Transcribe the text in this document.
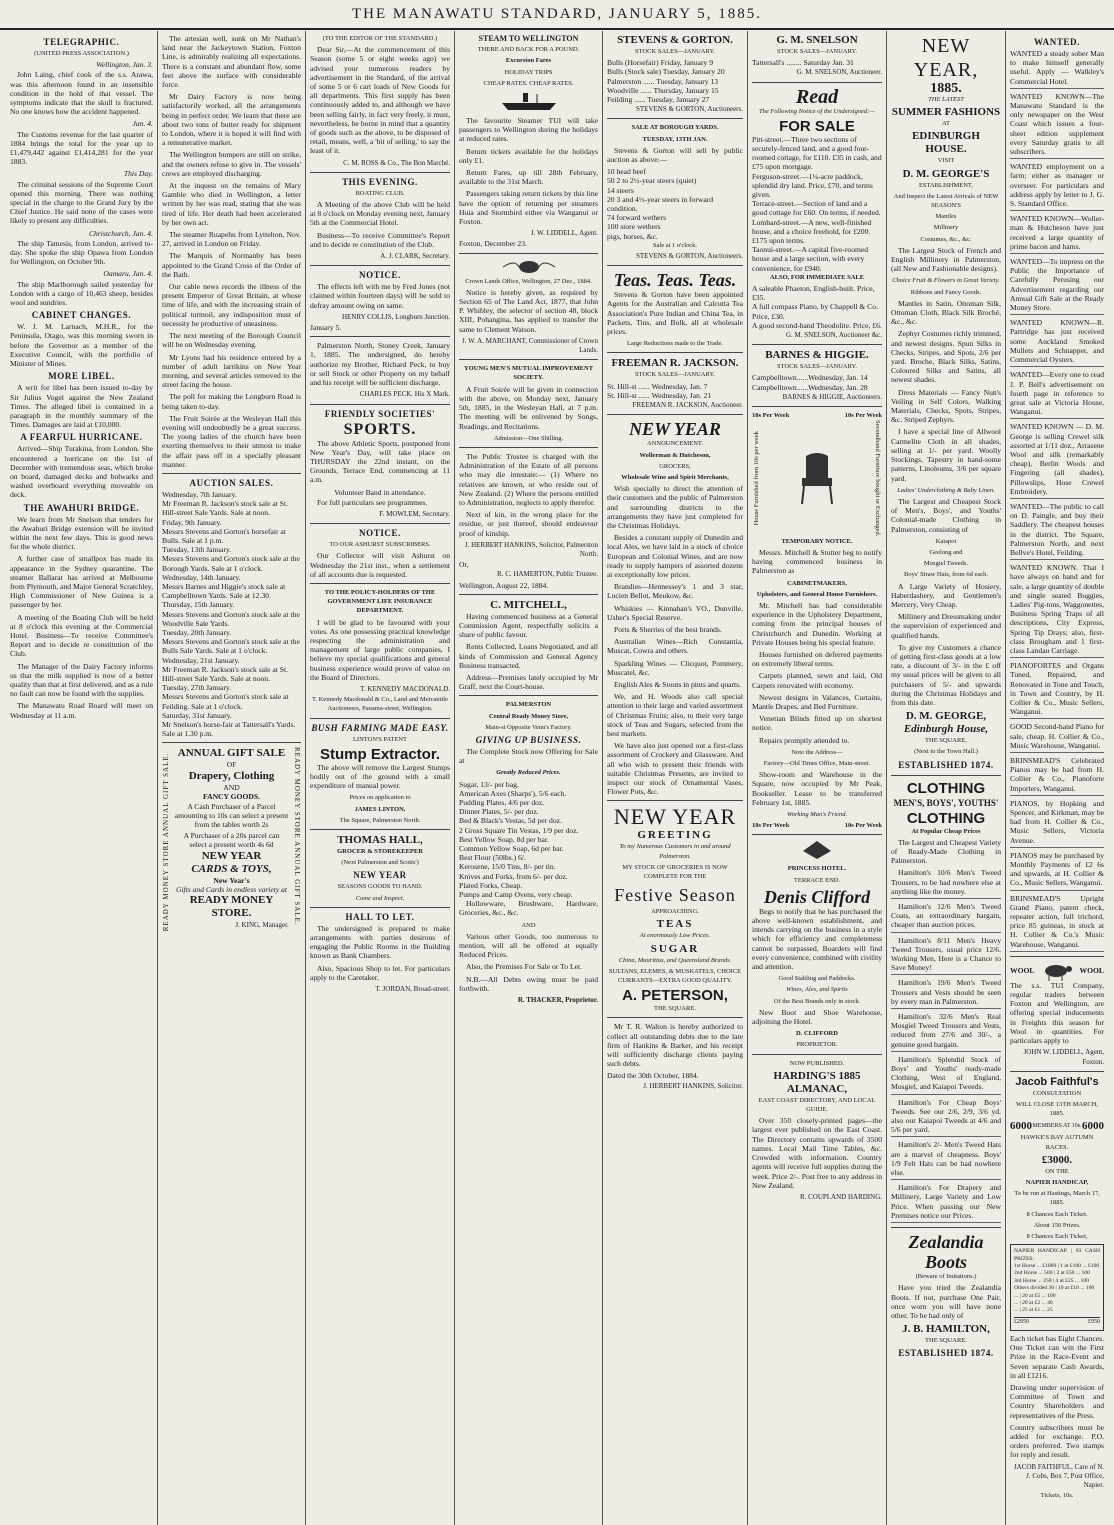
THE MANAWATU STANDARD, JANUARY 5, 1885.
TELEGRAPHIC.
(UNITED PRESS ASSOCIATION.)
Wellington, Jan. 3.

John Laing, chief cook of the s.s. Arawa, was this afternoon found in an insensible condition in the hold of that vessel. The symptoms indicate that the skull is fractured. No one knows how the accident happened.

Jan. 4.

The Customs revenue for the last quarter of 1884 brings the total for the year up to £1,479,442 against £1,414,281 for the year 1883.

This Day.

The criminal sessions of the Supreme Court opened this morning. There was nothing special in the charge to the Grand Jury by the Chief Justice. He said none of the cases were likely to present any difficulties.

Christchurch, Jan. 4.

The ship Tamesis, from London, arrived to-day. She spoke the ship Opawa from London for Wellington, on October 9th.

Oamaru, Jan. 4.

The ship Marlborough sailed yesterday for London with a cargo of 10,463 sheep, besides wool and sundries.

CABINET CHANGES.

W. J. M. Larnach, M.H.R., for the Peninsula, Otago, was this morning sworn in before the Governor as a member of the Executive Council, with the portfolio of Minister of Mines.

MORE LIBEL.

A writ for libel has been issued to-day by Sir Julius Vogel against the New Zealand Times. The alleged libel is contained in a paragraph in the monthly summary of the Times. Damages are laid at £10,000.

A FEARFUL HURRICANE.

Arrived—Ship Turakina, from London. She encountered a hurricane on the 1st of December with tremendous seas, which broke on board, damaged decks and bulwarks and washed overboard everything moveable on deck.

THE AWAHURI BRIDGE.

We learn from Mr Snelson that tenders for the Awahuri Bridge extension will be invited within the next few days. This is good news for the whole district.

A further case of smallpox has made its appearance in the Sydney quarantine. The steamer Ballarat has arrived at Melbourne from Plymouth, and Major General Scratchley, High Commissioner of New Guinea is a passenger by her.

A meeting of the Boating Club will be held at 8 o'clock this evening at the Commercial Hotel. Business—To receive Committee's Report and to decide re constitution of the Club.

The Manager of the Dairy Factory informs us that the milk supplied is now of a better quality than that at first delivered, and as a rule no fault can now be found with the supplies.

The Manawatu Road Board will meet on Wednesday at 11 a.m.

The artesian well, sunk on Mr Nathan's land near the Jackeytown Station, Foxton Line, is admirably realizing all expectations. There is a constant and abundant flow, some feet above the surface with considerable force.

Mr Dairy Factory is now being satisfactorily worked, all the arrangements being in perfect order. We learn that there are about two tons of butter ready for shipment to London, where it is hoped it will find with a remunerative market.

The Wellington bumpers are still on strike, and the owners refuse to give in. The vessels' crews are employed discharging.

At the inquest on the remains of Mary Gamble who died in Wellington, a letter written by her was read, stating that she was tired of life. Her death had been accelerated by her own act.

The steamer Ruapehu from Lyttelton, Nov. 27, arrived in London on Friday.

The Marquis of Normanby has been appointed to the Grand Cross of the Order of the Bath.

Our cable news records the illness of the present Emperor of Great Britain, at whose time of life, and with the increasing strain of political turmoil, any indisposition must of necessity be productive of uneasiness.

The next meeting of the Borough Council will be on Wednesday evening.

Mr Lyons had his residence entered by a number of adult larrikins on New Year morning, and several articles removed to the street facing the house.

The poll for making the Longburn Road is being taken to-day.

The Fruit Soirée at the Wesleyan Hall this evening will undoubtedly be a great success. The young ladies of the church have been exerting themselves to their utmost to make the affair pass off in a specially pleasant manner.

AUCTION SALES.
Wednesday, 7th January.
Mr Freeman R. Jackson's stock sale at St. Hill-street Sale Yards. Sale at noon.
Friday, 9th January.
Messrs Stevens and Gorton's horsefair at Bulls. Sale at 1 p.m.
Tuesday, 13th January.
Messrs Stevens and Gorton's stock sale at the Borough Yards. Sale at 1 o'clock.
Wednesday, 14th January.
Messrs Barnes and Higgie's stock sale at Campbelltown Yards. Sale at 12.30.
Thursday, 15th January.
Messrs Stevens and Gorton's stock sale at the Woodville Sale Yards.
Tuesday, 20th January.
Messrs Stevens and Gorton's stock sale at the Bulls Sale Yards. Sale at 1 o'clock.
Wednesday, 21st January.
Mr Freeman R. Jackson's stock sale at St. Hill-street Sale Yards. Sale at noon.
Tuesday, 27th January.
Messrs Stevens and Gorton's stock sale at Feilding. Sale at 1 o'clock.
Saturday, 31st January.
Mr Snelson's horse-fair at Tattersall's Yards. Sale at 1.30 p.m.
READY MONEY STORE ANNUAL GIFT SALE. ANNUAL GIFT SALE
OF
Drapery, Clothing
AND
FANCY GOODS.

A Cash Purchaser of a Parcel amounting to 10s can select a present from the tables worth 2s

A Purchaser of a 20s parcel can select a present worth 4s 6d

NEW YEAR
CARDS & TOYS,
New Year's
Gifts and Cards in endless variety at
READY MONEY STORE.
J. KING, Manager. READY MONEY STORE ANNUAL GIFT SALE.
(TO THE EDITOR OF THE STANDARD.)

Dear Sir,—At the commencement of this Season (some 5 or eight weeks ago) we advised your numerous readers by advertisement in the Standard, of the arrival of some 5 or 6 cart loads of New Goods for all departments. This first supply has been continuously added to, and although we have been selling fairly, in fact very freely, it must, nevertheless, be borne in mind that a quantity of goods such as the above, to be disposed of retail, means, well, a 'bit of selling,' to say the least of it.

C. M. ROSS & Co., The Bon Marché.
THIS EVENING.
BOATING CLUB.

A Meeting of the above Club will be held at 8 o'clock on Monday evening next, January 5th at the Commercial Hotel.

Business—To receive Committee's Report and to decide re constitution of the Club.

A. J. CLARK, Secretary.
NOTICE.

The effects left with me by Fred Jones (not claimed within fourteen days) will be sold to defray amount owing on same.

HENRY COLLIS, Longburn Junction.
January 5.

Palmerston North, Stoney Creek, January 1, 1885. The undersigned, do hereby authorize my Brother, Richard Peck, to buy or sell Stock or other Property on my behalf and his receipt will be sufficient discharge.

CHARLES PECK. His X Mark.
FRIENDLY SOCIETIES'
SPORTS.

The above Athletic Sports, postponed from New Year's Day, will take place on THURSDAY the 22nd instant, on the Grounds, Terrace End, commencing at 11 a.m.

Volunteer Band in attendance.

For full particulars see programmes.

F. MOWLEM, Secretary.
NOTICE.
TO OUR ASHURST SUBSCRIBERS.

Our Collector will visit Ashurst on Wednesday the 21st inst., when a settlement of all accounts due is requested.

TO THE POLICY-HOLDERS OF THE GOVERNMENT LIFE INSURANCE DEPARTMENT.

I will be glad to be favoured with your votes. As one possessing practical knowledge respecting the administration and management of large public companies, I believe my special qualifications and general business experience would prove of value on the Board of Directors.

T. KENNEDY MACDONALD.
T. Kennedy Macdonald & Co., Land and Mercantile Auctioneers, Panama-street, Wellington.
BUSH FARMING MADE EASY.
LINTON'S PATENT
Stump Extractor.

The above will remove the Largest Stumps bodily out of the ground with a small expenditure of manual power.

Prices on application to
JAMES LINTON,
The Square, Palmerston North.
THOMAS HALL,
GROCER & STOREKEEPER
(Next Palmerston and Scotts')
NEW YEAR
SEASONS GOODS TO HAND.
Come and Inspect.
HALL TO LET.

The undersigned is prepared to make arrangements with parties desirous of engaging the Public Rooms in the Building known as Bank Chambers.

Also, Spacious Shop to let. For particulars apply to the Caretaker,

T. JORDAN, Broad-street.
STEAM TO WELLINGTON
THERE AND BACK FOR A POUND.
Excursion Fares
HOLIDAY TRIPS
CHEAP RATES. CHEAP RATES.

The favourite Steamer TUI will take passengers to Wellington during the holidays at reduced rates.

Return tickets available for the holidays only £1.

Return Fares, up till 28th February, available to the 31st March.

Passengers taking return tickets by this line have the option of returning per steamers Huia and Stormbird either via Wanganui or Foxton.

J. W. LIDDELL, Agent.
Foxton, December 23.
Crown Lands Office, Wellington, 27 Dec., 1884.

Notice is hereby given, as required by Section 65 of The Land Act, 1877, that John P. Whibley, the selector of section 48, block XIII, Pohangina, has applied to transfer the same to Clement Watson.

J. W. A. MARCHANT, Commissioner of Crown Lands.
YOUNG MEN'S MUTUAL IMPROVEMENT SOCIETY.

A Fruit Soirée will be given in connection with the above, on Monday next, January 5th, 1885, in the Wesleyan Hall, at 7 p.m. The meeting will be enlivened by Songs, Readings, and Recitations.

Admission—One Shilling.

The Public Trustee is charged with the Administration of the Estate of all persons who may die intestate:— (1) Where no relatives are known, or who reside out of New Zealand. (2) Where the persons entitled to Administration, neglects to apply therefor.

Next of kin, in the wrong place for the residue, or just thereof, should endeavour proof of kinship.

J. HERBERT HANKINS, Solicitor, Palmerston North.
Or,
R. C. HAMERTON, Public Trustee.
Wellington, August 22, 1884.
C. MITCHELL,

Having commenced business as a General Commission Agent, respectfully solicits a share of public favour.

Rents Collected, Loans Negotiated, and all kinds of Commission and General Agency Business transacted.

Address—Premises lately occupied by Mr Graff, next the Court-house.

PALMERSTON
Central Ready Money Store,
Main-st Opposite Venn's Factory.
GIVING UP BUSINESS.

The Complete Stock now Offering for Sale at

Greatly Reduced Prices.
Sugar, 13/- per bag.
American Axes (Sharps'), 5/6 each.
Pudding Plates, 4/6 per doz.
Dinner Plates, 5/- per doz.
Bed & Black's Vestas, 5d per doz.
2 Gross Square Tin Vestas, 1/9 per doz.
Best Yellow Soap, 8d per bar.
Common Yellow Soap, 6d per bar.
Best Flour (50lbs.) 6/.
Kerosene, 15/0 Tins, 8/- per tin.
Knives and Forks, from 6/- per doz.
Plated Forks, Cheap.
Pumps and Camp Ovens, very cheap.

Hollowware, Brushware, Hardware, Groceries, &c., &c.

AND

Various other Goods, too numerous to mention, will all be offered at equally Reduced Prices.

Also, the Premises For Sale or To Let.

N.B.—All Debts owing must be paid forthwith.

R. THACKER, Proprietor.
STEVENS & GORTON.
STOCK SALES—JANUARY.
Bulls (Horsefair) Friday, January 9
Bulls (Stock sale) Tuesday, January 20
Palmerston ...... Tuesday, January 13
Woodville ...... Thursday, January 15
Feilding ...... Tuesday, January 27
STEVENS & GORTON, Auctioneers.
SALE AT BOROUGH YARDS.
TUESDAY, 13TH JAN.

Stevens & Gorton will sell by public auction as above:—

10 head beef
50 2 to 2½-year steers (quiet)
14 steers
20 3 and 4½-year steers in forward condition.
74 forward wethers
100 store wethers
pigs, horses, &c.
Sale at 1 o'clock.
STEVENS & GORTON, Auctioneers.
Teas. Teas. Teas.

Stevens & Gorton have been appointed Agents for the Australian and Calcutta Tea Association's Pure Indian and China Tea, in Packets, Tins, and Bulk, all at wholesale prices.

Large Reductions made to the Trade.
FREEMAN R. JACKSON.
STOCK SALES—JANUARY.
St. Hill-st ...... Wednesday, Jan. 7
St. Hill-st ...... Wednesday, Jan. 21
FREEMAN R. JACKSON, Auctioneer.
NEW YEAR
ANNOUNCEMENT.
Wollerman & Hutcheson,
GROCERS,
Wholesale Wine and Spirit Merchants,

Wish specially to direct the attention of their customers and the public of Palmerston and surrounding districts to the arrangements they have just completed for the Christmas Holidays.

Besides a constant supply of Dunedin and local Ales, we have laid in a stock of choice European and Colonial Wines, and are now ready to supply hampers of assorted dozens at exceptionally low prices.

Brandies—Hennessey's 1 and 3 star, Lucien Bellot, Meukow, &c.

Whiskies — Kinnahan's VO., Dunville, Usher's Special Reserve.

Ports & Sherries of the best brands.

Australian Wines—Rich Constantia, Muscat, Cowra and others.

Sparkling Wines — Clicquot, Pommery, Muscatel, &c.

English Ales & Stouts in pints and quarts.

We, and H. Woods also call special attention to their large and varied assortment of Christmas Fruits; also, to their very large stock of Teas and Sugars, selected from the best markets.

We have also just opened out a first-class assortment of Crockery and Glassware. And all who wish to present their friends with suitable Christmas Presents, are invited to inspect our stock of Ornamental Vases, Flower Pots, &c.

NEW YEAR
GREETING
To my Numerous Customers in and around Palmerston.
MY STOCK OF GROCERIES IS NOW COMPLETE FOR THE
Festive Season
APPROACHING.
TEAS
At enormously Low Prices.
SUGAR
China, Mauritius, and Queensland Brands.
SULTANS, ELEMES, & MUSKATELS, CHOICE CURRANTS—EXTRA GOOD QUALITY.
A. PETERSON,
THE SQUARE.

Mr T. R. Walton is hereby authorized to collect all outstanding debts due to the late firm of Hankins & Barker, and his receipt will sufficiently discharge clients paying such debts.

Dated the 30th October, 1884.
J. HERBERT HANKINS, Solicitor.
G. M. SNELSON
STOCK SALES—JANUARY.
Tattersall's ........ Saturday Jan. 31
G. M. SNELSON, Auctioneer.
Read
The Following Notice of the Undersigned:—
FOR SALE
Pitt-street.—Three two sections of securely-fenced land, and a good four-roomed cottage, for £110. £35 in cash, and £75 upon mortgage.
Ferguson-street.—1¼-acre paddock, splendid dry land. Price, £70, and terms given.
Terrace-street.—Section of land and a good cottage for £60. On terms, if needed.
Lombard-street.—A new, well-finished house, and a choice freehold, for £200. £175 upon terms.
Taonui-street.—A capital five-roomed house and a large section, with every convenience, for £940.
ALSO, FOR IMMEDIATE SALE
A saleable Phaeton, English-built. Price, £35.
A full compass Piano, by Chappell & Co. Price, £30.
A good second-hand Theodolite. Price, £6.
G. M. SNELSON, Auctioneer &c.
BARNES & HIGGIE.
STOCK SALES—JANUARY.
Campbelltown......Wednesday, Jan. 14
Campbelltown......Wednesday, Jan. 28
BARNES & HIGGIE, Auctioneers.
10s Per Week	10s Per Week
House Furnished from 10s per week	Secondhand Furniture bought or Exchanged.
TEMPORARY NOTICE.

Messrs. Mitchell & Stutter beg to notify having commenced business in Palmerston as

CABINETMAKERS,
Upholsters, and General House Furnishers.

Mr. Mitchell has had considerable experience in the Upholstery Department, coming from the principal houses of Christchurch and Dunedin. Working at Private Houses being his special feature.

Houses furnished on deferred payments on extremely liberal terms.

Carpets planned, sewn and laid, Old Carpets renovated with economy.

Newest designs in Valances, Curtains, Mantle Drapes, and Bed Furniture.

Venetian Blinds fitted up on shortest notice.

Repairs promptly attended to.

Note the Address—
Factory—Old Times Office, Main-street.

Show-room and Warehouse in the Square, now occupied by Mr Peak, Bookseller. Lease to be transferred February 1st, 1885.

Working Man's Friend.
10s Per Week	10s Per Week
PRINCESS HOTEL.
TERRACE END.
Denis Clifford

Begs to notify that he has purchased the above well-known establishment, and intends carrying on the business in a style which for efficiency and completeness cannot be surpassed. Boarders will find every convenience, combined with civility and attention.

Good Stabling and Paddocks.
Wines, Ales, and Spirits
Of the Best Brands only in stock.

New Boot and Shoe Warehouse, adjoining the Hotel.

D. CLIFFORD
PROPRIETOR.
NOW PUBLISHED.
HARDING'S 1885 ALMANAC,
EAST COAST DIRECTORY, AND LOCAL GUIDE.

Over 350 closely-printed pages—the largest ever published on the East Coast. The Directory contains upwards of 3500 names. Local Mail Time Tables, &c. Crowded with information. Country agents will receive full supplies during the week. Price 2/-. Post free to any address in New Zealand.

R. COUPLAND HARDING.
NEW YEAR,
1885.
THE LATEST
SUMMER FASHIONS
AT
EDINBURGH HOUSE.
VISIT
D. M. GEORGE'S
ESTABLISHMENT,
And Inspect the Latest Arrivals of NEW SEASON'S
Mantles
Millinery
Costumes, &c., &c.

The Largest Stock of French and English Millinery in Palmerston, (all New and Fashionable designs).

Choice Fruit & Flowers in Great Variety.
Ribbons and Fancy Goods.

Mantles in Satin, Ottoman Silk, Ottoman Cloth, Black Silk Broché, &c., &c.

Zephyr Costumes richly trimmed, and newest designs. Spun Silks in Checks, Stripes, and Spots, 2/6 per yard. Broche, Black Silks, Satins, Coloured Silks and Satins, all newest shades.

Dress Materials — Fancy Nun's Veiling in Self Colors, Walking Materials, Checks, Spots, Stripes, &c. Striped Zephyrs.

I have a special line of Allwool Carmelite Cloth in all shades, selling at 1/- per yard. Woolly Stockings, Tapestry in hand-some patterns, Linoleums, 3/6 per square yard.

Ladies' Underclothing & Baby Linen.

The Largest and Cheapest Stock of Men's, Boys', and Youths' Colonial-made Clothing in Palmerston, consisting of

Kaiapoi
Geelong and
Mosgiel Tweeds.
Boys' Straw Hats, from 6d each.

A Large Variety of Hosiery, Haberdashery, and Gentlemen's Mercery, Very Cheap.

Millinery and Dressmaking under the supervision of experienced and qualified hands.

To give my Customers a chance of getting first-class goods at a low rate, a discount of 3/- in the £ off my usual prices will be given to all purchasers of 5/- and upwards during the Christmas Holidays and from this date.

D. M. GEORGE,
Edinburgh House,
THE SQUARE,
(Next to the Town Hall.)
ESTABLISHED 1874.
CLOTHING
MEN'S, BOYS', YOUTHS'
CLOTHING
At Popular Cheap Prices

The Largest and Cheapest Variety of Ready-Made Clothing in Palmerston.

Hamilton's 10/6 Men's Tweed Trousers, to be had nowhere else at anything like the money.

Hamilton's 12/6 Men's Tweed Coats, an extraordinary bargain, cheaper than auction prices.

Hamilton's 8/11 Men's Heavy Tweed Trousers, usual price 12/6. Working Men, Here is a Chance to Save Money!

Hamilton's 19/6 Men's Tweed Trousers and Vests should be seen by every man in Palmerston.

Hamilton's 32/6 Men's Real Mosgiel Tweed Trousers and Vests, reduced from 27/6 and 30/-, a genuine good bargain.

Hamilton's Splendid Stock of Boys' and Youths' ready-made Clothing, West of England, Mosgiel, and Kaiapoi Tweeds.

Hamilton's For Cheap Boys' Tweeds. See our 2/6, 2/9, 3/6 yd. also our Kaiapoi Tweeds at 4/6 and 5/6 per yard.

Hamilton's 2/- Men's Tweed Hats are a marvel of cheapness. Boys' 1/9 Felt Hats can be had nowhere else.

Hamilton's For Drapery and Millinery, Large Variety and Low Price. When passing our New Premises notice our Prices.

Zealandia Boots
(Beware of Imitations.)

Have you tried the Zealandia Boots. If not, purchase One Pair, once worn you will have none other. To be had only of

J. B. HAMILTON,
THE SQUARE.
ESTABLISHED 1874.
WANTED.

WANTED a steady sober Man to make himself generally useful. Apply — Walkley's Commercial Hotel.

WANTED KNOWN—The Manawatu Standard is the only newspaper on the West Coast which issues a four-sheet edition supplement every Saturday gratis to all subscribers.

WANTED employment on a farm; either as manager or overseer. For particulars and address apply by letter to J. G. S. Standard Office.

WANTED KNOWN—Woller-man & Hutcheson have just received a large quantity of prime bacon and hams.

WANTED—To impress on the Public the Importance of Carefully Perusing our Advertisement regarding our Annual Gift Sale at the Ready Money Store.

WANTED KNOWN—R. Partridge has just received some Auckland Smoked Mullets and Schnapper, and Commercial Oysters.

WANTED—Every one to read J. P. Bell's advertisement on fourth page in reference to great sale at Victoria House, Wanganui.

WANTED KNOWN — D. M. George is selling Crewel silk assorted at 1/11 doz., Arrasene Wool and silk (remarkably cheap), Berlin Wools and Fingering (all shades), Pillowslips, Hose Crewel Embroidery.

WANTED—The public to call on D. Paingle, and buy their Saddlery. The cheapest houses in the district. The Square, Palmerston North, and next Bellve's Hotel, Feilding.

WANTED KNOWN. That I have always on hand and for sale, a large quantity of double and single seated Buggies, Ladies' Pig-tons, Waggonettes, Business Spring Traps of all descriptions, City Express, Spring Tip Drays; also, first-class Brougham and 1 first-class Landau Carriage.

PIANOFORTES and Organs Tuned, Repaired, and Renovated in Tone and Touch, in Town and Country, by H. Collier & Co., Music Sellers, Wanganui.

GOOD Second-hand Piano for sale, cheap. H. Collier & Co., Music Warehouse, Wanganui.

BRINSMEAD'S Celebrated Pianos may be had from H. Collier & Co., Pianoforte Importers, Wanganui.

PIANOS, by Hopking and Spencer, and Kirkman, may be had from H. Collier & Co., Music Sellers, Victoria Avenue.

PIANOS may be purchased by Monthly Payments of £2 6s and upwards, at H. Collier & Co., Music Sellers, Wanganui.

BRINSMEAD'S Upright Grand Piano, patent check, repeater action, full trichord, price 85 guineas, in stock at H. Collier & Co.'s Music Warehouse, Wanganui.

WOOL	WOOL

The s.s. TUI Company, regular traders between Foxton and Wellington, are offering special inducements in Freights this season for Wool in quantities. For particulars apply to

JOHN W. LIDDELL, Agent, Foxton.
Jacob Faithful's
CONSULTATION
WILL CLOSE 13TH MARCH, 1885.
6000 MEMBERS AT 10s. 6000
HAWKE'S BAY AUTUMN RACES.
£3000.
ON THE
NAPIER HANDICAP,
To be run at Hastings, March 17, 1885.
8 Chances Each Ticket.
About 150 Prizes.
8 Chances Each Ticket,
NAPIER HANDICAP. | 83 CASH PRIZES.
1st Horse ... £1000 | 1 at £100 ... £100
2nd Horse ... 500 | 2 at £50 ... 100
3rd Horse ... 250 | 4 at £25 ... 100
Others divided 30 | 10 at £10 ... 100
... | 20 at £5 ... 100
... | 20 at £2 ... 40
... | 25 at £1 ... 25
£2950	£950

Each ticket has Eight Chances. One Ticket can win the First Prize in the Race-Event and Seven separate Cash Awards, in all £1216.

Drawing under supervision of Committee of Town and Country Shareholders and representatives of the Press.

Country subscribers must be added for exchange. P.O. orders preferred. Two stamps for reply and result.

JACOB FAITHFUL, Care of N. J. Cobs, Box 7, Post Office, Napier.
Tickets, 10s.
